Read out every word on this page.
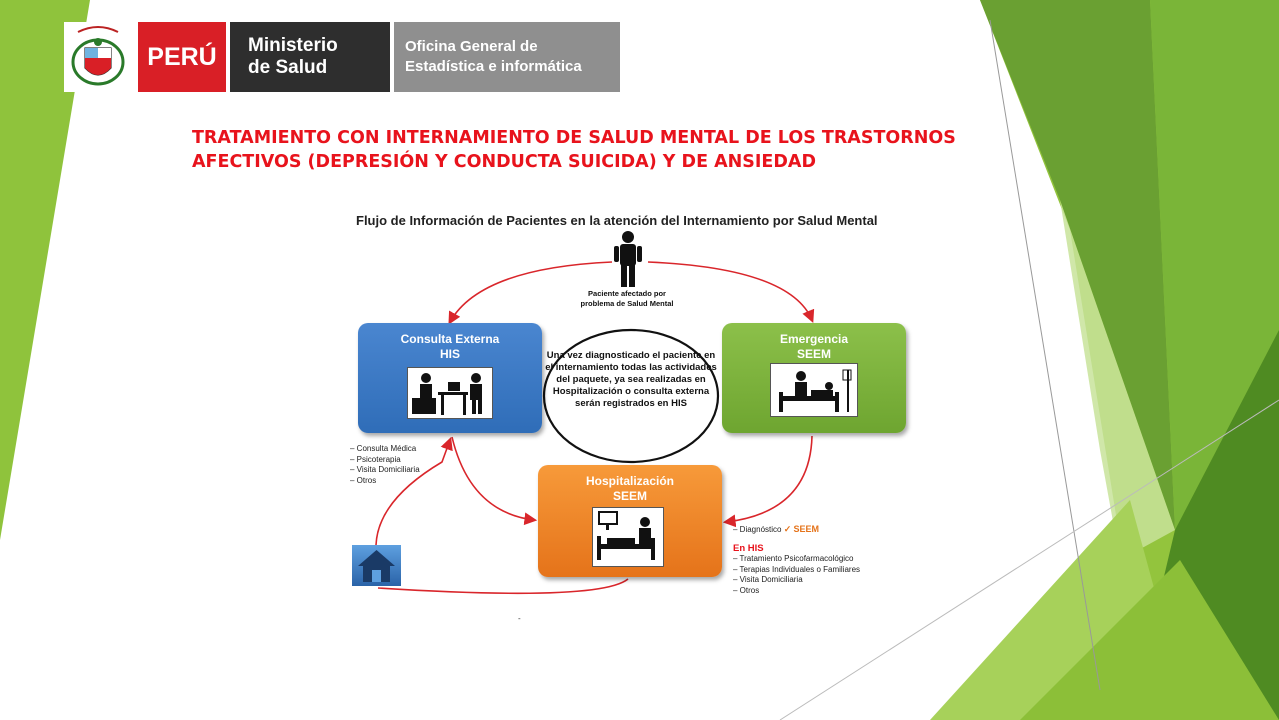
PERÚ	Ministerio
de Salud
Oficina General de
Estadística e informática
TRATAMIENTO CON INTERNAMIENTO DE SALUD MENTAL DE LOS TRASTORNOS
AFECTIVOS (DEPRESIÓN Y CONDUCTA SUICIDA) Y DE ANSIEDAD
Flujo de Información de Pacientes en la atención del Internamiento por Salud Mental
-
Paciente afectado por problema de Salud Mental
Una vez diagnosticado el paciente en el internamiento todas las actividades del paquete, ya sea realizadas en Hospitalización o consulta externa serán registrados en HIS
Consulta Externa
HIS
Emergencia
SEEM
Hospitalización
SEEM
– Consulta Médica
– Psicoterapia
– Visita Domiciliaria
– Otros
– Diagnóstico ✓ SEEM
En HIS
– Tratamiento Psicofarmacológico
– Terapias Individuales o Familiares
– Visita Domiciliaria
– Otros
